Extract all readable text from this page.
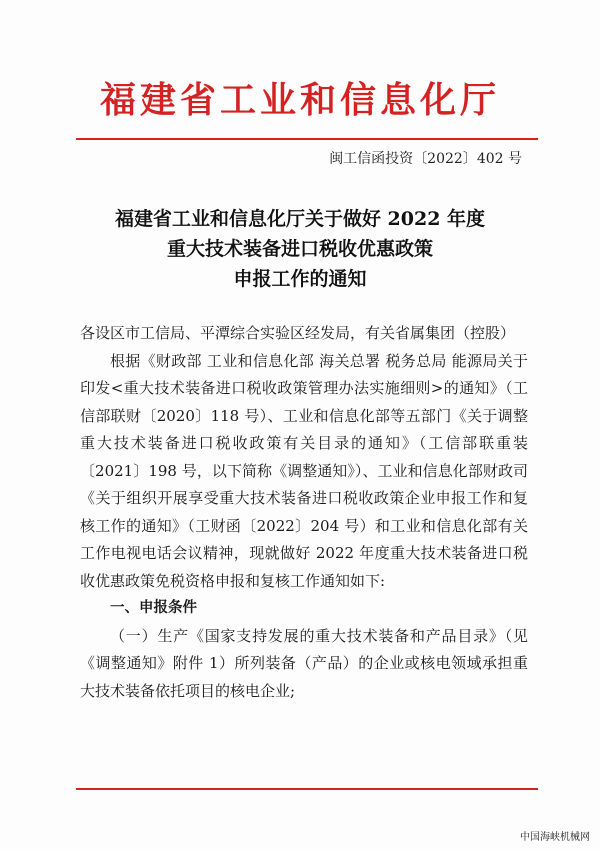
福建省工业和信息化厅
闽工信函投资〔2022〕402 号
福建省工业和信息化厅关于做好 2022 年度
重大技术装备进口税收优惠政策
申报工作的通知

各设区市工信局、平潭综合实验区经发局，有关省属集团（控股）

根据《财政部 工业和信息化部 海关总署 税务总局 能源局关于印发<重大技术装备进口税收政策管理办法实施细则>的通知》（工信部联财〔2020〕118 号）、工业和信息化部等五部门《关于调整重大技术装备进口税收政策有关目录的通知》（工信部联重装〔2021〕198 号，以下简称《调整通知》）、工业和信息化部财政司《关于组织开展享受重大技术装备进口税收政策企业申报工作和复核工作的通知》（工财函〔2022〕204 号）和工业和信息化部有关工作电视电话会议精神，现就做好 2022 年度重大技术装备进口税收优惠政策免税资格申报和复核工作通知如下:

一、申报条件

（一）生产《国家支持发展的重大技术装备和产品目录》（见《调整通知》附件 1）所列装备（产品）的企业或核电领域承担重大技术装备依托项目的核电企业;

中国海峡机械网
